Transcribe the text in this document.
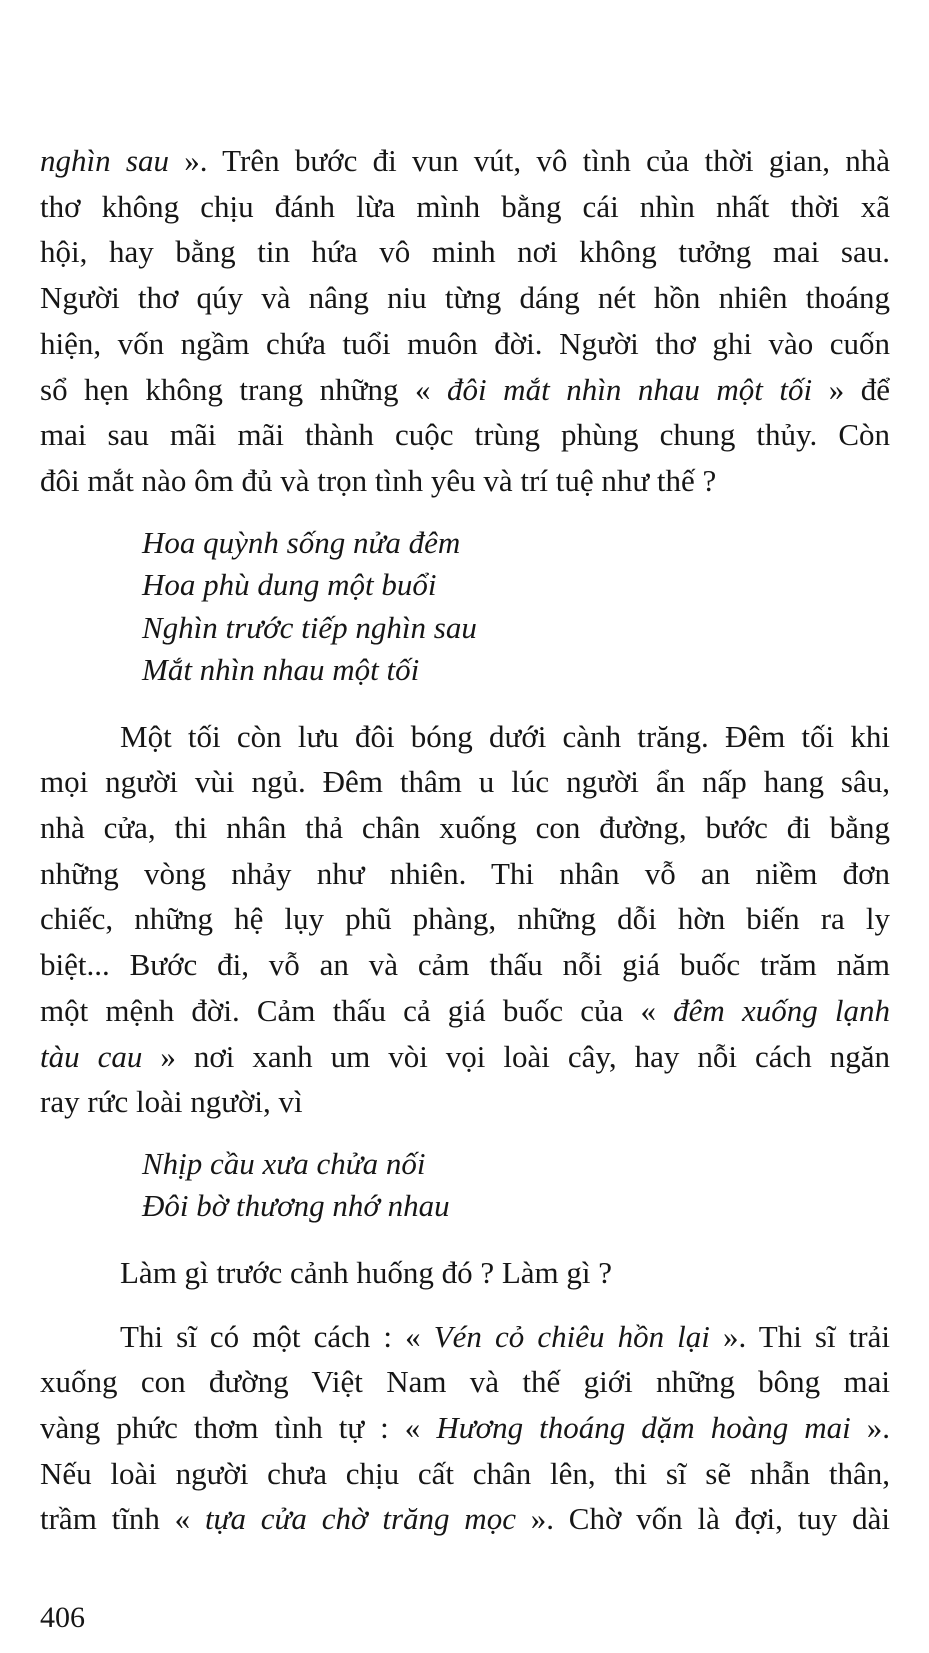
nghìn sau ». Trên bước đi vun vút, vô tình của thời gian, nhà
thơ không chịu đánh lừa mình bằng cái nhìn nhất thời xã
hội, hay bằng tin hứa vô minh nơi không tưởng mai sau.
Người thơ qúy và nâng niu từng dáng nét hồn nhiên thoáng
hiện, vốn ngầm chứa tuổi muôn đời. Người thơ ghi vào cuốn
sổ hẹn không trang những « đôi mắt nhìn nhau một tối » để
mai sau mãi mãi thành cuộc trùng phùng chung thủy. Còn
đôi mắt nào ôm đủ và trọn tình yêu và trí tuệ như thế ?

Hoa quỳnh sống nửa đêm
Hoa phù dung một buổi
Nghìn trước tiếp nghìn sau
Mắt nhìn nhau một tối

Một tối còn lưu đôi bóng dưới cành trăng. Đêm tối khi
mọi người vùi ngủ. Đêm thâm u lúc người ẩn nấp hang sâu,
nhà cửa, thi nhân thả chân xuống con đường, bước đi bằng
những vòng nhảy như nhiên. Thi nhân vỗ an niềm đơn
chiếc, những hệ lụy phũ phàng, những dỗi hờn biến ra ly
biệt... Bước đi, vỗ an và cảm thấu nỗi giá buốc trăm năm
một mệnh đời. Cảm thấu cả giá buốc của « đêm xuống lạnh
tàu cau » nơi xanh um vòi vọi loài cây, hay nỗi cách ngăn
ray rức loài người, vì

Nhịp cầu xưa chửa nối
Đôi bờ thương nhớ nhau

Làm gì trước cảnh huống đó ? Làm gì ?

Thi sĩ có một cách : « Vén cỏ chiêu hồn lại ». Thi sĩ trải
xuống con đường Việt Nam và thế giới những bông mai
vàng phức thơm tình tự : « Hương thoáng dặm hoàng mai ».
Nếu loài người chưa chịu cất chân lên, thi sĩ sẽ nhẫn thân,
trầm tĩnh « tựa cửa chờ trăng mọc ». Chờ vốn là đợi, tuy dài

406
